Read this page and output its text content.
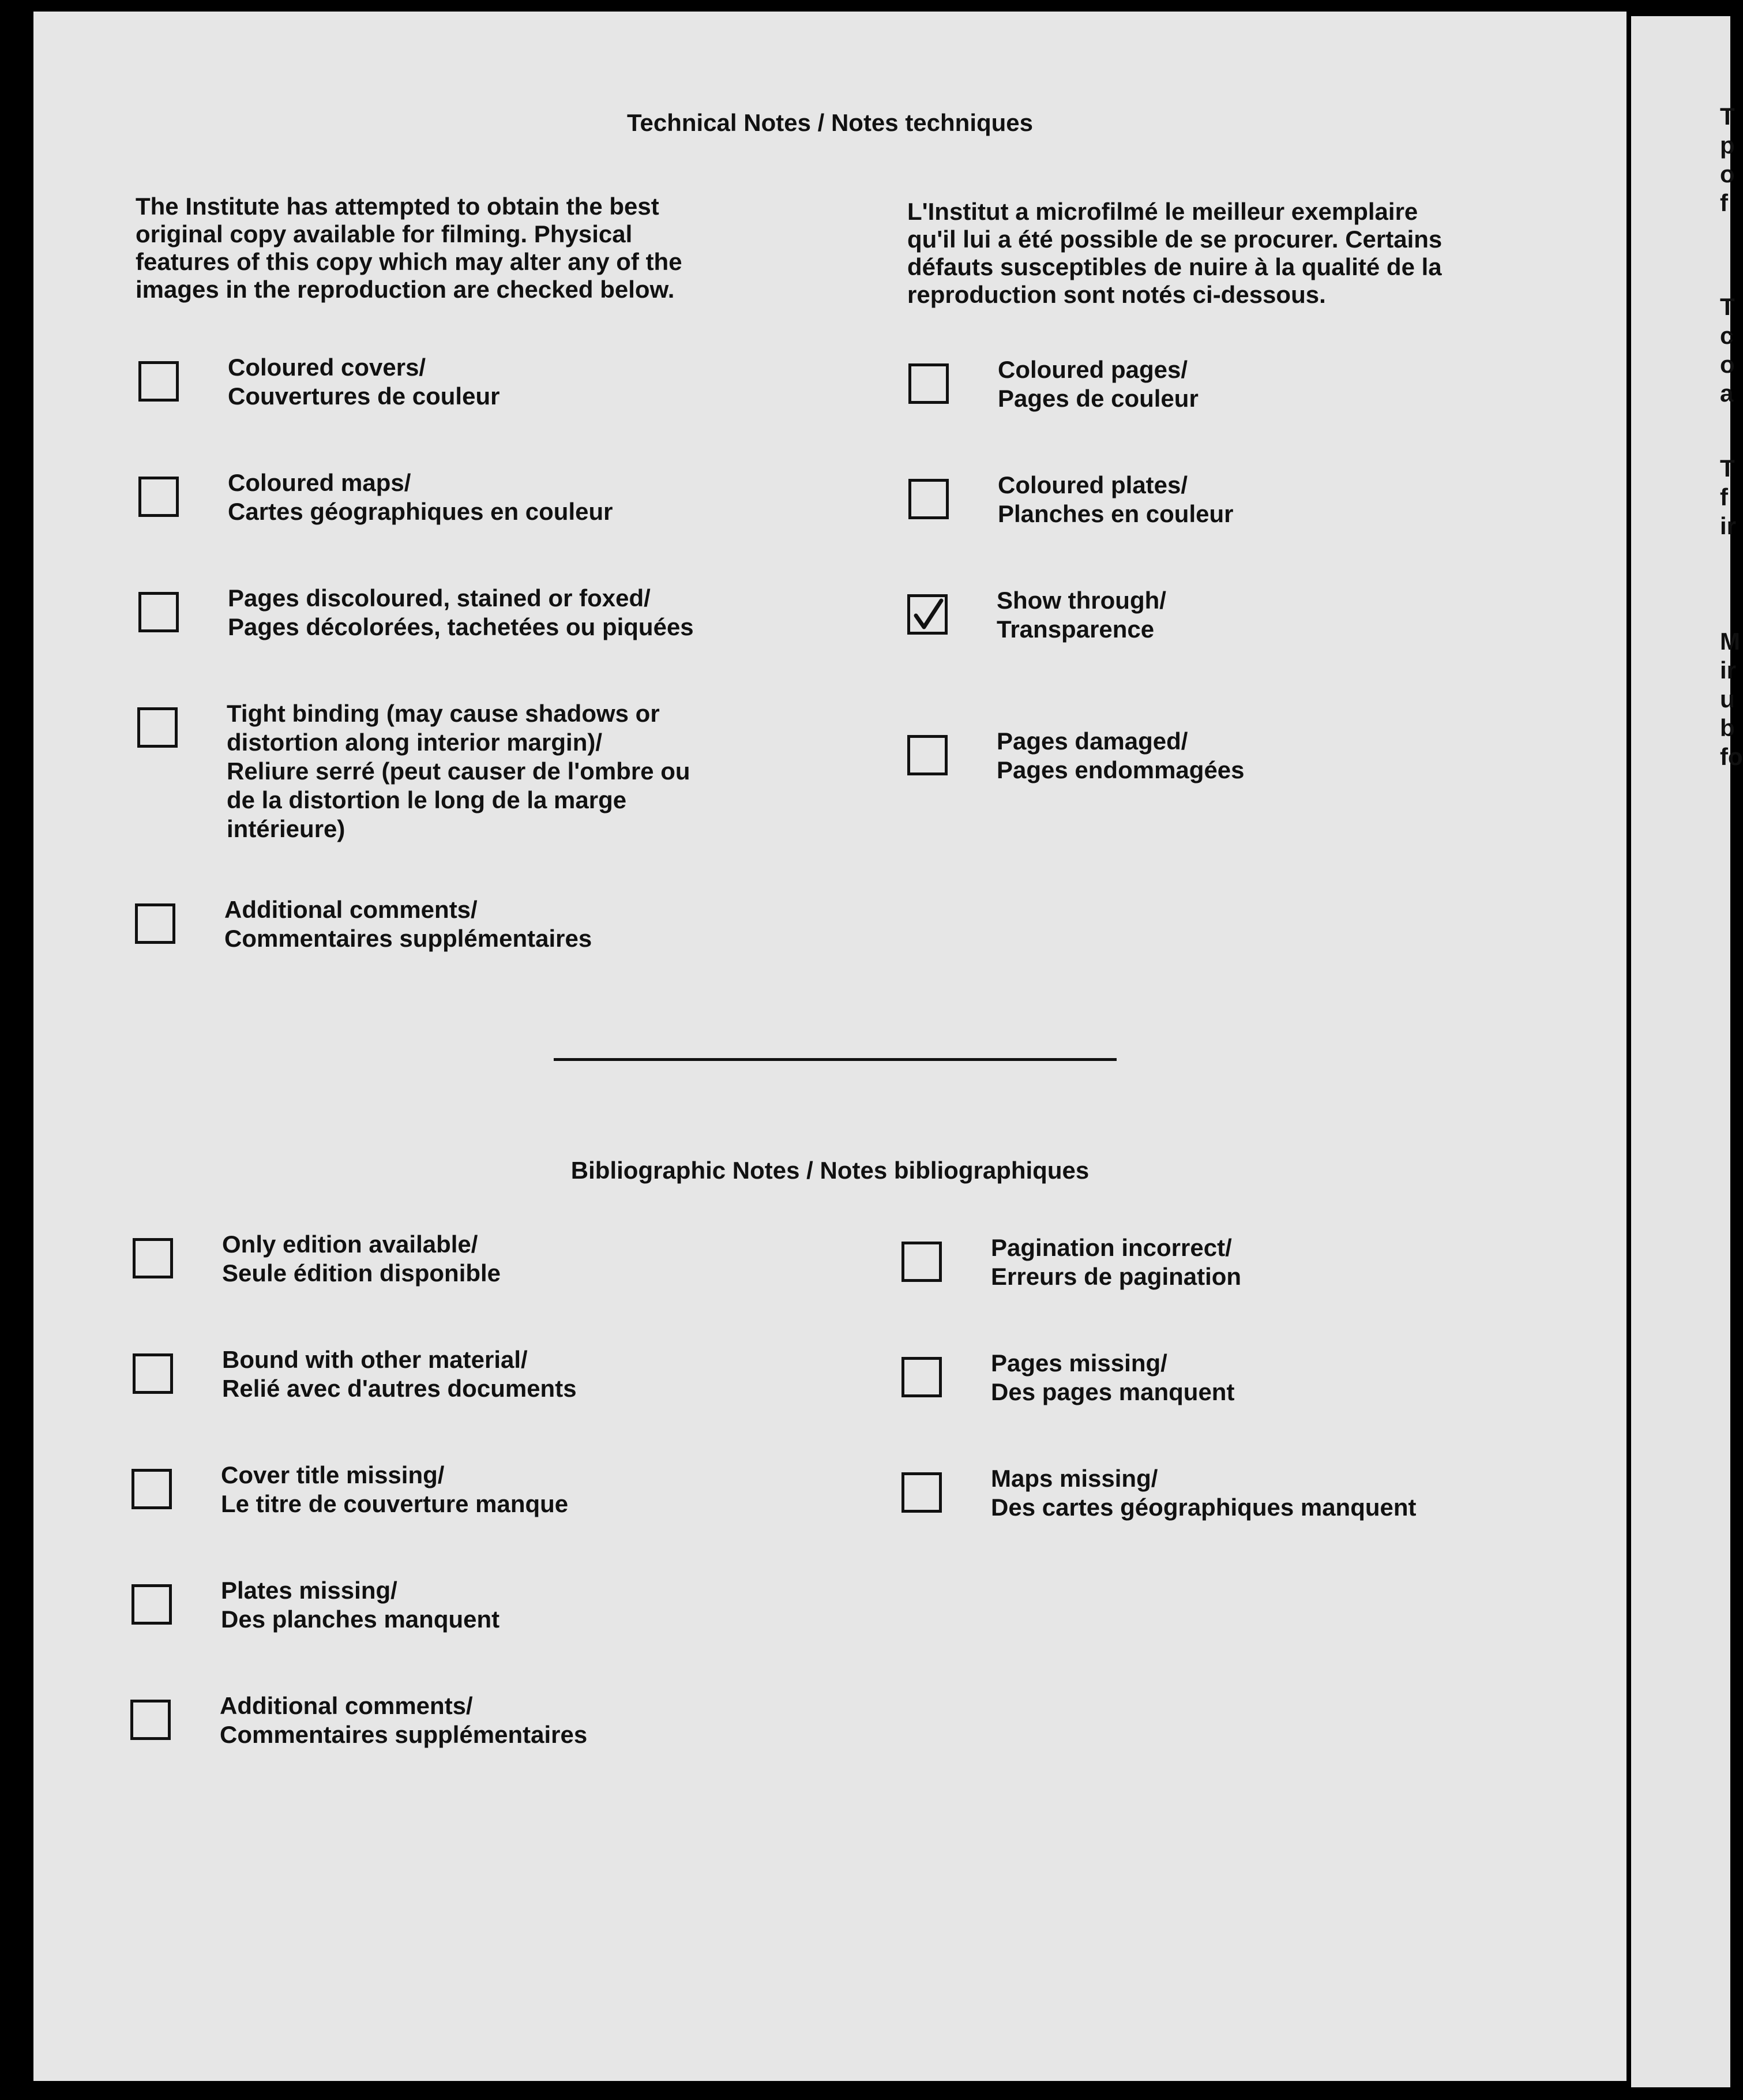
Technical Notes / Notes techniques
The Institute has attempted to obtain the best
original copy available for filming. Physical
features of this copy which may alter any of the
images in the reproduction are checked below.
L'Institut a microfilmé le meilleur exemplaire
qu'il lui a été possible de se procurer. Certains
défauts susceptibles de nuire à la qualité de la
reproduction sont notés ci-dessous.
Coloured covers/
Couvertures de couleur
Coloured maps/
Cartes géographiques en couleur
Pages discoloured, stained or foxed/
Pages décolorées, tachetées ou piquées
Tight binding (may cause shadows or
distortion along interior margin)/
Reliure serré (peut causer de l'ombre ou
de la distortion le long de la marge
intérieure)
Additional comments/
Commentaires supplémentaires
Coloured pages/
Pages de couleur
Coloured plates/
Planches en couleur
Show through/
Transparence
Pages damaged/
Pages endommagées
Bibliographic Notes / Notes bibliographiques
Only edition available/
Seule édition disponible
Bound with other material/
Relié avec d'autres documents
Cover title missing/
Le titre de couverture manque
Plates missing/
Des planches manquent
Additional comments/
Commentaires supplémentaires
Pagination incorrect/
Erreurs de pagination
Pages missing/
Des pages manquent
Maps missing/
Des cartes géographiques manquent
T
p
o
f
T
c
o
a
T
f
ir
M
ir
u
b
fo
